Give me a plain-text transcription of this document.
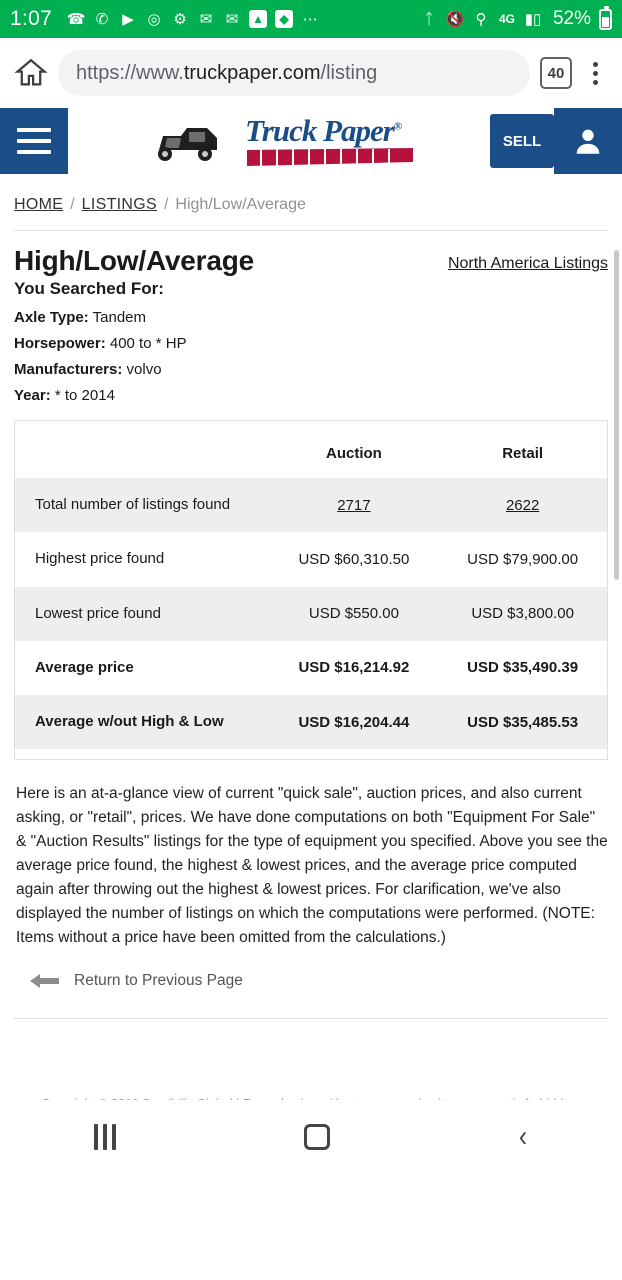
1:07 ☎ ✆ ▶ ◎ ⚙ ✉ ✉	▲	◆ ⋯	ᛏ 🔇 ⚲	4G ▮▯ 52%
https://www.truckpaper.com/listing	40
Truck Paper®
SELL
HOME / LISTINGS / High/Low/Average
High/Low/Average	North America Listings
You Searched For:
Axle Type: Tandem
Horsepower: 400 to * HP
Manufacturers: volvo
Year: * to 2014
	Auction	Retail
Total number of listings found	2717	2622
Highest price found	USD $60,310.50	USD $79,900.00
Lowest price found	USD $550.00	USD $3,800.00
Average price	USD $16,214.92	USD $35,490.39
Average w/out High & Low	USD $16,204.44	USD $35,485.53

Here is an at-a-glance view of current "quick sale", auction prices, and also current asking, or "retail", prices. We have done computations on both "Equipment For Sale" & "Auction Results" listings for the type of equipment you specified. Above you see the average price found, the highest & lowest prices, and the average price computed again after throwing out the highest & lowest prices. For clarification, we've also displayed the number of listings on which the computations were performed. (NOTE: Items without a price have been omitted from the calculations.)

Return to Previous Page
‹
